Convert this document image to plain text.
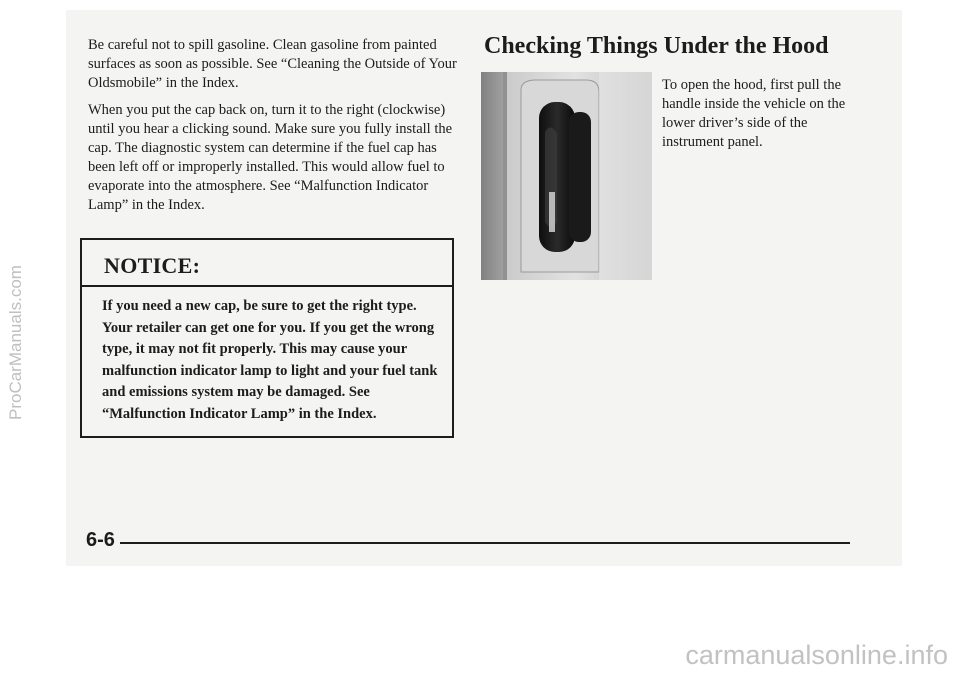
Be careful not to spill gasoline. Clean gasoline from painted surfaces as soon as possible. See “Cleaning the Outside of Your Oldsmobile” in the Index.

When you put the cap back on, turn it to the right (clockwise) until you hear a clicking sound. Make sure you fully install the cap. The diagnostic system can determine if the fuel cap has been left off or improperly installed. This would allow fuel to evaporate into the atmosphere. See “Malfunction Indicator Lamp” in the Index.

NOTICE:
If you need a new cap, be sure to get the right type. Your retailer can get one for you. If you get the wrong type, it may not fit properly. This may cause your malfunction indicator lamp to light and your fuel tank and emissions system may be damaged. See “Malfunction Indicator Lamp” in the Index.
Checking Things Under the Hood
To open the hood, first pull the handle inside the vehicle on the lower driver’s side of the instrument panel.
6-6
ProCarManuals.com
carmanualsonline.info
